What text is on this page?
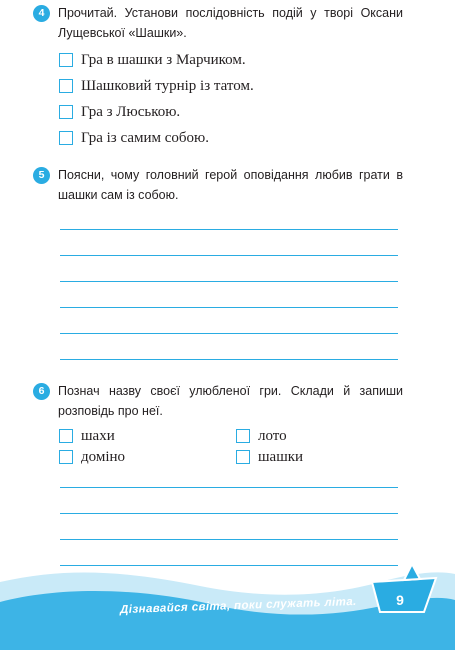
4	Прочитай. Установи послідовність подій у творі Оксани Лущевської «Шашки».
Гра в шашки з Марчиком.
Шашковий турнір із татом.
Гра з Люською.
Гра із самим собою.
5	Поясни, чому головний герой оповідання любив грати в шашки сам із собою.
6	Познач назву своєї улюбленої гри. Склади й запиши розповідь про неї.
шахи	лото
доміно	шашки
Дізнавайся світа, поки служать літа.	9
